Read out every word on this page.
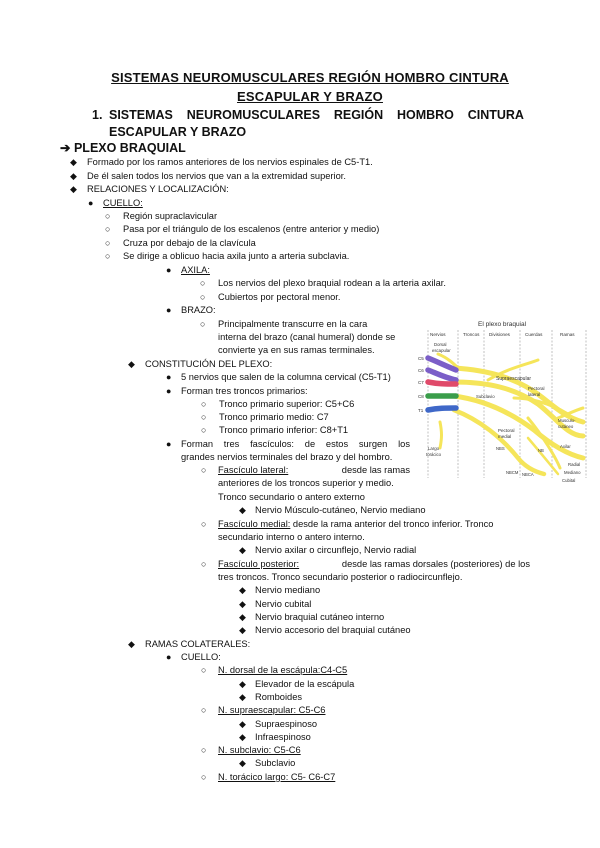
SISTEMAS NEUROMUSCULARES REGIÓN HOMBRO CINTURA
ESCAPULAR Y BRAZO
1. SISTEMAS NEUROMUSCULARES REGIÓN HOMBRO CINTURA
ESCAPULAR Y BRAZO
➔ PLEXO BRAQUIAL
◆ Formado por los ramos anteriores de los nervios espinales de C5-T1.
◆ De él salen todos los nervios que van a la extremidad superior.
◆ RELACIONES Y LOCALIZACIÓN:
● CUELLO:
○ Región supraclavicular
○ Pasa por el triángulo de los escalenos (entre anterior y medio)
○ Cruza por debajo de la clavícula
○ Se dirige a oblicuo hacia axila junto a arteria subclavia.
● AXILA:
○ Los nervios del plexo braquial rodean a la arteria axilar.
○ Cubiertos por pectoral menor.
● BRAZO:
○ Principalmente transcurre en la cara
interna del brazo (canal humeral) donde se
convierte ya en sus ramas terminales.
◆ CONSTITUCIÓN DEL PLEXO:
● 5 nervios que salen de la columna cervical (C5-T1)
● Forman tres troncos primarios:
○ Tronco primario superior: C5+C6
○ Tronco primario medio: C7
○ Tronco primario inferior: C8+T1
● Forman tres fascículos: de estos surgen los
grandes nervios terminales del brazo y del hombro.
○ Fascículo lateral:	desde las ramas
anteriores de los troncos superior y medio.
Tronco secundario o antero externo
◆ Nervio Músculo-cutáneo, Nervio mediano
○ Fascículo medial: desde la rama anterior del tronco inferior. Tronco
secundario interno o antero interno.
◆ Nervio axilar o circunflejo, Nervio radial
○ Fascículo posterior:	desde las ramas dorsales (posteriores) de los
tres troncos. Tronco secundario posterior o radiocircunflejo.
◆ Nervio mediano
◆ Nervio cubital
◆ Nervio braquial cutáneo interno
◆ Nervio accesorio del braquial cutáneo
◆ RAMAS COLATERALES:
● CUELLO:
○ N. dorsal de la escápula:C4-C5
◆ Elevador de la escápula
◆ Romboides
○ N. supraescapular: C5-C6
◆ Supraespinoso
◆ Infraespinoso
○ N. subclavio: C5-C6
◆ Subclavio
○ N. torácico largo: C5- C6-C7
El plexo braquial
Nervios	Troncos Divisiones	Cuerdas	Ramas
C5
C6
C7
C8
T1
Dorsal
escapular
Supraescapular
Subclavio
Pectoral
lateral
Pectoral
medial
Musculo-
cutáneo
Axilar
Radial
Mediano
Cubital
Largo
torácico
NBS
NBCM NBCA
NB
